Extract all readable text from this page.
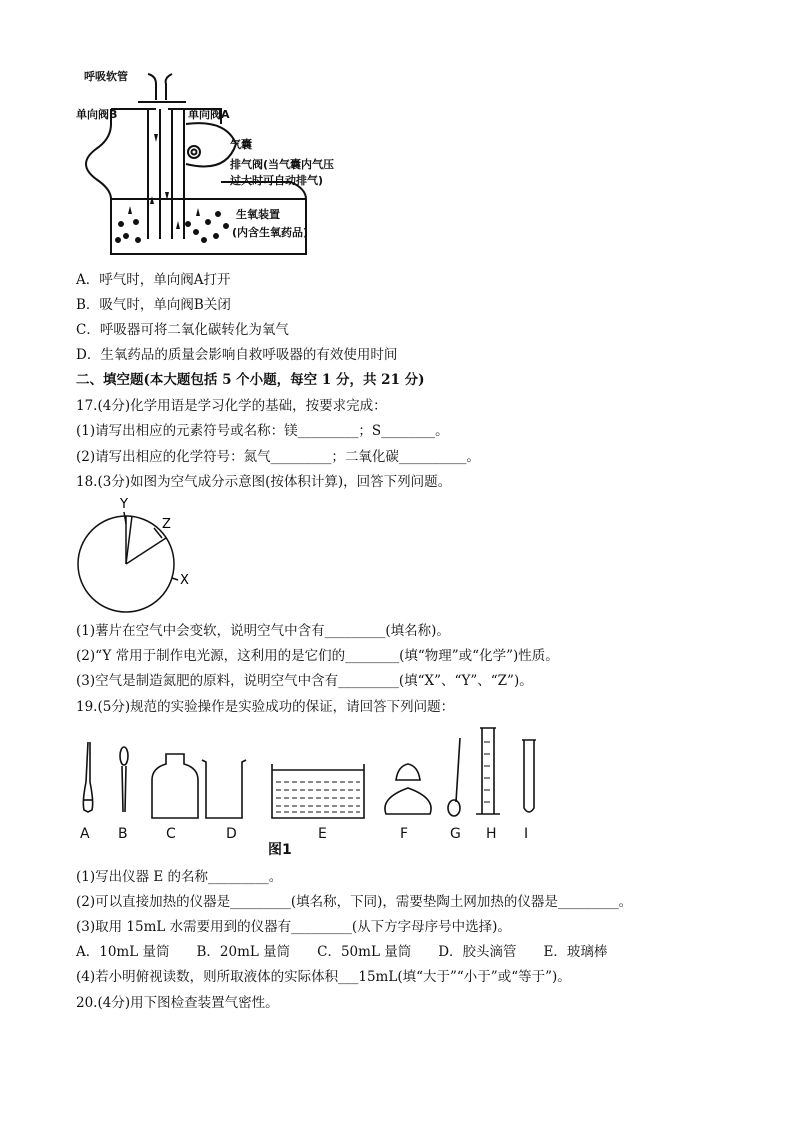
呼吸软管
单向阀B	单向阀A
气囊
排气阀(当气囊内气压
过大时可自动排气)
生氧装置
(内含生氧药品)
A．呼气时，单向阀A打开
B．吸气时，单向阀B关闭
C．呼吸器可将二氧化碳转化为氧气
D．生氧药品的质量会影响自救呼吸器的有效使用时间
二、填空题(本大题包括 5 个小题，每空 1 分，共 21 分)
17.(4分)化学用语是学习化学的基础，按要求完成：
(1)请写出相应的元素符号或名称：镁_________；S________。
(2)请写出相应的化学符号：氮气_________；二氧化碳__________。
18.(3分)如图为空气成分示意图(按体积计算)，回答下列问题。
Y
Z
X
(1)薯片在空气中会变软，说明空气中含有_________(填名称)。
(2)“Y 常用于制作电光源，这利用的是它们的________(填“物理”或“化学”)性质。
(3)空气是制造氮肥的原料，说明空气中含有_________(填“X”、“Y”、“Z”)。
19.(5分)规范的实验操作是实验成功的保证，请回答下列问题：
A B	C	D	E	F	G H I
图1
(1)写出仪器 E 的名称_________。
(2)可以直接加热的仪器是_________(填名称，下同)，需要垫陶土网加热的仪器是_________。
(3)取用 15mL 水需要用到的仪器有_________(从下方字母序号中选择)。
A．10mL 量筒　　B．20mL 量筒　　C．50mL 量筒　　D．胶头滴管　　E．玻璃棒
(4)若小明俯视读数，则所取液体的实际体积___15mL(填“大于”“小于”或“等于”)。
20.(4分)用下图检查装置气密性。
